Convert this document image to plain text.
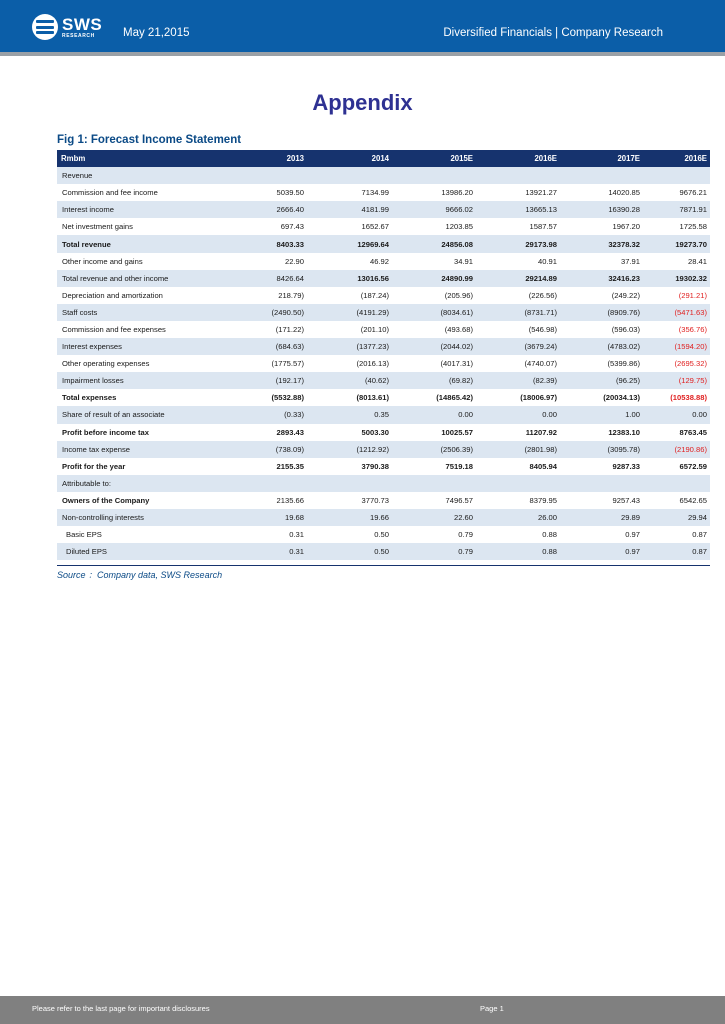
SWS
RESEARCH	May 21,2015	Diversified Financials | Company Research
Appendix
Fig 1: Forecast Income Statement
Rmbm	2013	2014	2015E	2016E	2017E	2016E
Revenue						
Commission and fee income	5039.50	7134.99	13986.20	13921.27	14020.85	9676.21
Interest income	2666.40	4181.99	9666.02	13665.13	16390.28	7871.91
Net investment gains	697.43	1652.67	1203.85	1587.57	1967.20	1725.58
Total revenue	8403.33	12969.64	24856.08	29173.98	32378.32	19273.70
Other income and gains	22.90	46.92	34.91	40.91	37.91	28.41
Total revenue and other income	8426.64	13016.56	24890.99	29214.89	32416.23	19302.32
Depreciation and amortization	218.79)	(187.24)	(205.96)	(226.56)	(249.22)	(291.21)
Staff costs	(2490.50)	(4191.29)	(8034.61)	(8731.71)	(8909.76)	(5471.63)
Commission and fee expenses	(171.22)	(201.10)	(493.68)	(546.98)	(596.03)	(356.76)
Interest expenses	(684.63)	(1377.23)	(2044.02)	(3679.24)	(4783.02)	(1594.20)
Other operating expenses	(1775.57)	(2016.13)	(4017.31)	(4740.07)	(5399.86)	(2695.32)
Impairment losses	(192.17)	(40.62)	(69.82)	(82.39)	(96.25)	(129.75)
Total expenses	(5532.88)	(8013.61)	(14865.42)	(18006.97)	(20034.13)	(10538.88)
Share of result of an associate	(0.33)	0.35	0.00	0.00	1.00	0.00
Profit before income tax	2893.43	5003.30	10025.57	11207.92	12383.10	8763.45
Income tax expense	(738.09)	(1212.92)	(2506.39)	(2801.98)	(3095.78)	(2190.86)
Profit for the year	2155.35	3790.38	7519.18	8405.94	9287.33	6572.59
Attributable to:						
Owners of the Company	2135.66	3770.73	7496.57	8379.95	9257.43	6542.65
Non-controlling interests	19.68	19.66	22.60	26.00	29.89	29.94
Basic EPS	0.31	0.50	0.79	0.88	0.97	0.87
Diluted EPS	0.31	0.50	0.79	0.88	0.97	0.87
Source ：Company data, SWS Research
Please refer to the last page for important disclosures	Page 1
